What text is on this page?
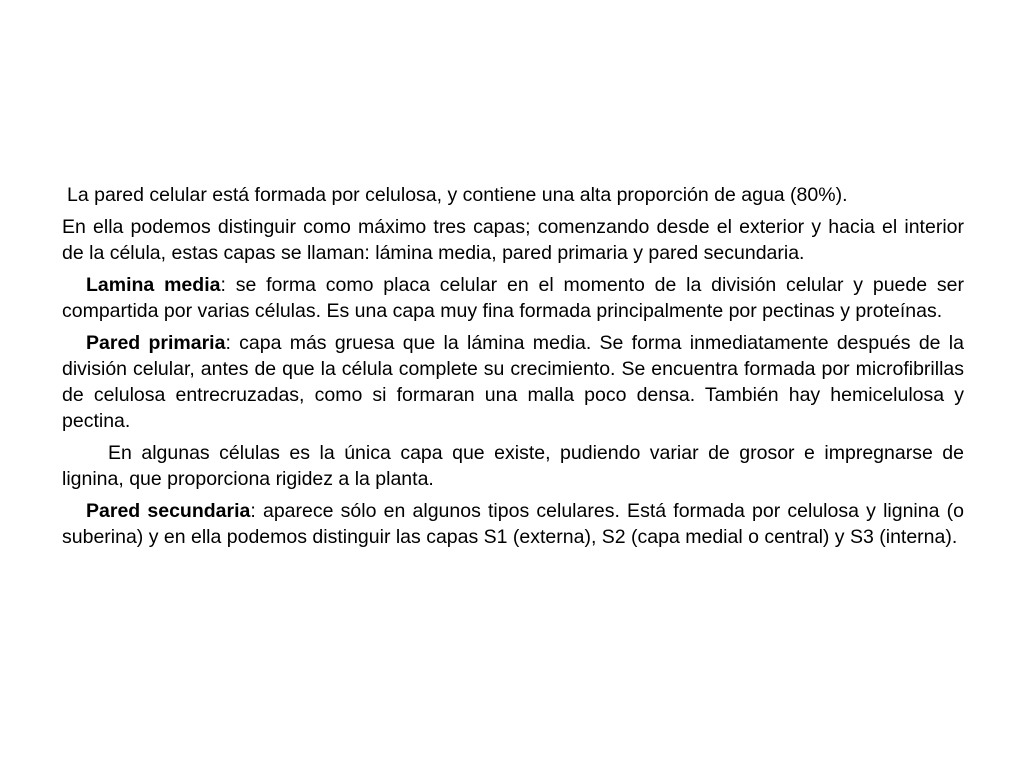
La pared celular está formada por celulosa, y contiene una alta proporción de agua (80%).

En ella podemos distinguir como máximo tres capas; comenzando desde el exterior y hacia el interior de la célula, estas capas se llaman: lámina media, pared primaria y pared secundaria.

Lamina media: se forma como placa celular en el momento de la división celular y puede ser compartida por varias células. Es una capa muy fina formada principalmente por pectinas y proteínas.

Pared primaria: capa más gruesa que la lámina media. Se forma inmediatamente después de la división celular, antes de que la célula complete su crecimiento. Se encuentra formada por microfibrillas de celulosa entrecruzadas, como si formaran una malla poco densa. También hay hemicelulosa y pectina.

En algunas células es la única capa que existe, pudiendo variar de grosor e impregnarse de lignina, que proporciona rigidez a la planta.

Pared secundaria: aparece sólo en algunos tipos celulares. Está formada por celulosa y lignina (o suberina) y en ella podemos distinguir las capas S1 (externa), S2 (capa medial o central) y S3 (interna).
